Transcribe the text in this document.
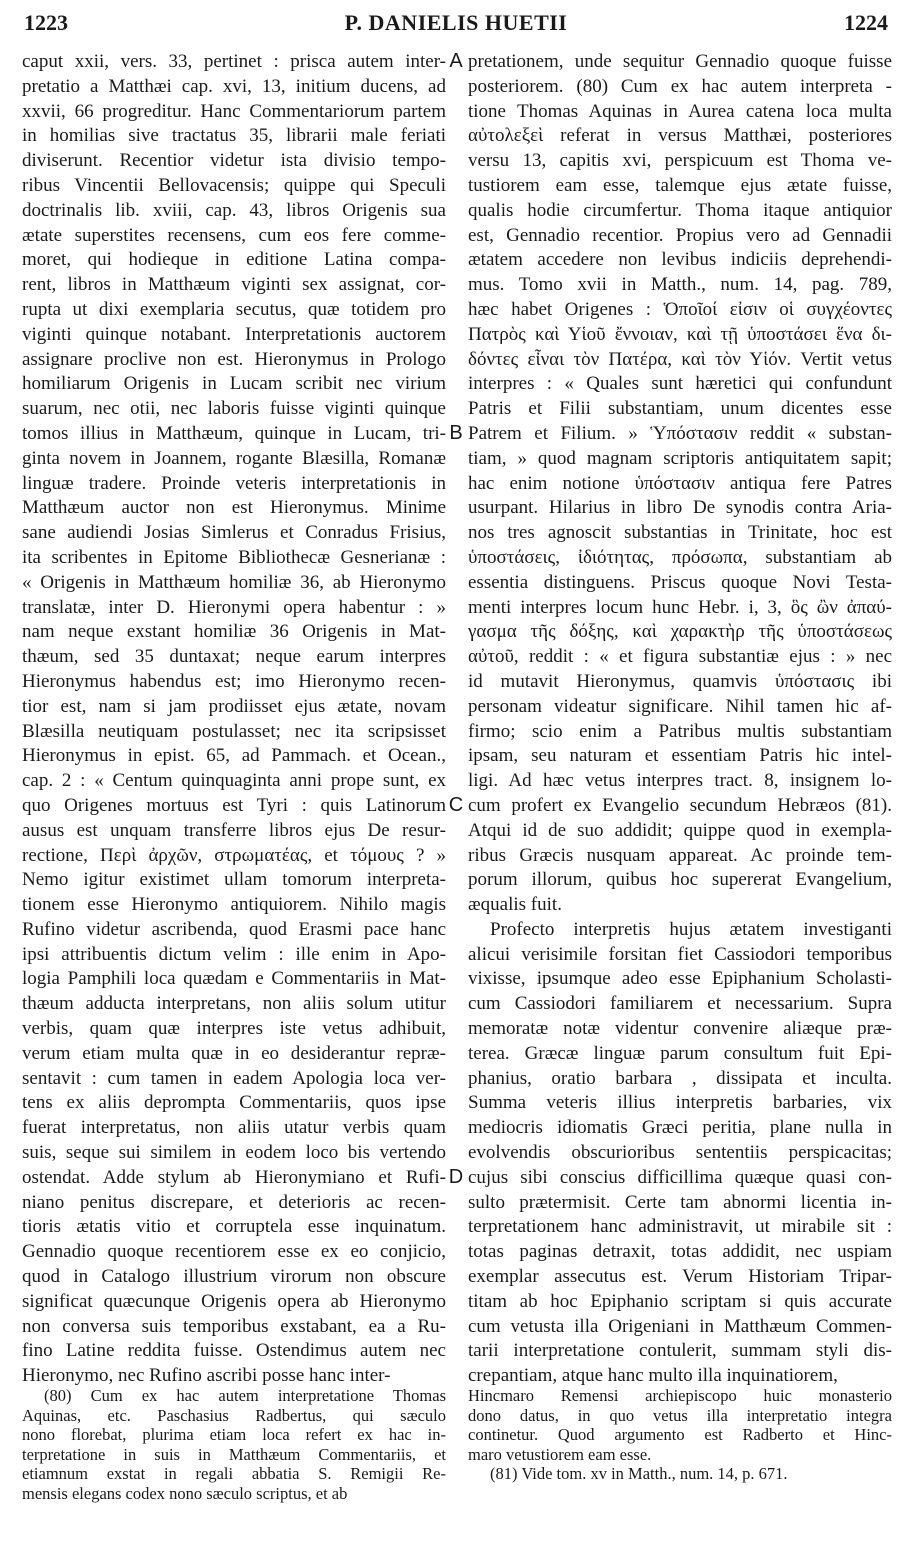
1223	P. DANIELIS HUETII	1224
caput xxii, vers. 33, pertinet : prisca autem inter-
pretatio a Matthæi cap. xvi, 13, initium ducens, ad
xxvii, 66 progreditur. Hanc Commentariorum partem
in homilias sive tractatus 35, librarii male feriati
diviserunt. Recentior videtur ista divisio tempo-
ribus Vincentii Bellovacensis; quippe qui Speculi
doctrinalis lib. xviii, cap. 43, libros Origenis sua
ætate superstites recensens, cum eos fere comme-
moret, qui hodieque in editione Latina compa-
rent, libros in Matthæum viginti sex assignat, cor-
rupta ut dixi exemplaria secutus, quæ totidem pro
viginti quinque notabant. Interpretationis auctorem
assignare proclive non est. Hieronymus in Prologo
homiliarum Origenis in Lucam scribit nec virium
suarum, nec otii, nec laboris fuisse viginti quinque
tomos illius in Matthæum, quinque in Lucam, tri-
ginta novem in Joannem, rogante Blæsilla, Romanæ
linguæ tradere. Proinde veteris interpretationis in
Matthæum auctor non est Hieronymus. Minime
sane audiendi Josias Simlerus et Conradus Frisius,
ita scribentes in Epitome Bibliothecæ Gesnerianæ :
« Origenis in Matthæum homiliæ 36, ab Hieronymo
translatæ, inter D. Hieronymi opera habentur : »
nam neque exstant homiliæ 36 Origenis in Mat-
thæum, sed 35 duntaxat; neque earum interpres
Hieronymus habendus est; imo Hieronymo recen-
tior est, nam si jam prodiisset ejus ætate, novam
Blæsilla neutiquam postulasset; nec ita scripsisset
Hieronymus in epist. 65, ad Pammach. et Ocean.,
cap. 2 : « Centum quinquaginta anni prope sunt, ex
quo Origenes mortuus est Tyri : quis Latinorum
ausus est unquam transferre libros ejus De resur-
rectione, Περὶ ἀρχῶν, στρωματέας, et τόμους ? »
Nemo igitur existimet ullam tomorum interpreta-
tionem esse Hieronymo antiquiorem. Nihilo magis
Rufino videtur ascribenda, quod Erasmi pace hanc
ipsi attribuentis dictum velim : ille enim in Apo-
logia Pamphili loca quædam e Commentariis in Mat-
thæum adducta interpretans, non aliis solum utitur
verbis, quam quæ interpres iste vetus adhibuit,
verum etiam multa quæ in eo desiderantur repræ-
sentavit : cum tamen in eadem Apologia loca ver-
tens ex aliis deprompta Commentariis, quos ipse
fuerat interpretatus, non aliis utatur verbis quam
suis, seque sui similem in eodem loco bis vertendo
ostendat. Adde stylum ab Hieronymiano et Rufi-
niano penitus discrepare, et deterioris ac recen-
tioris ætatis vitio et corruptela esse inquinatum.
Gennadio quoque recentiorem esse ex eo conjicio,
quod in Catalogo illustrium virorum non obscure
significat quæcunque Origenis opera ab Hieronymo
non conversa suis temporibus exstabant, ea a Ru-
fino Latine reddita fuisse. Ostendimus autem nec
Hieronymo, nec Rufino ascribi posse hanc inter-
pretationem, unde sequitur Gennadio quoque fuisse
posteriorem. (80) Cum ex hac autem interpreta -
tione Thomas Aquinas in Aurea catena loca multa
αὐτολεξεὶ referat in versus Matthæi, posteriores
versu 13, capitis xvi, perspicuum est Thoma ve-
tustiorem eam esse, talemque ejus ætate fuisse,
qualis hodie circumfertur. Thoma itaque antiquior
est, Gennadio recentior. Propius vero ad Gennadii
ætatem accedere non levibus indiciis deprehendi-
mus. Tomo xvii in Matth., num. 14, pag. 789,
hæc habet Origenes : Ὁποῖοί εἰσιν οἱ συγχέοντες
Πατρὸς καὶ Υἱοῦ ἔννοιαν, καὶ τῇ ὑποστάσει ἕνα δι-
δόντες εἶναι τὸν Πατέρα, καὶ τὸν Υἱόν. Vertit vetus
interpres : « Quales sunt hæretici qui confundunt
Patris et Filii substantiam, unum dicentes esse
Patrem et Filium. » Ὑπόστασιν reddit « substan-
tiam, » quod magnam scriptoris antiquitatem sapit;
hac enim notione ὑπόστασιν antiqua fere Patres
usurpant. Hilarius in libro De synodis contra Aria-
nos tres agnoscit substantias in Trinitate, hoc est
ὑποστάσεις, ἰδιότητας, πρόσωπα, substantiam ab
essentia distinguens. Priscus quoque Novi Testa-
menti interpres locum hunc Hebr. i, 3, ὃς ὢν ἀπαύ-
γασμα τῆς δόξης, καὶ χαρακτὴρ τῆς ὑποστάσεως
αὐτοῦ, reddit : « et figura substantiæ ejus : » nec
id mutavit Hieronymus, quamvis ὑπόστασις ibi
personam videatur significare. Nihil tamen hic af-
firmo; scio enim a Patribus multis substantiam
ipsam, seu naturam et essentiam Patris hic intel-
ligi. Ad hæc vetus interpres tract. 8, insignem lo-
cum profert ex Evangelio secundum Hebræos (81).
Atqui id de suo addidit; quippe quod in exempla-
ribus Græcis nusquam appareat. Ac proinde tem-
porum illorum, quibus hoc supererat Evangelium,
æqualis fuit.
Profecto interpretis hujus ætatem investiganti
alicui verisimile forsitan fiet Cassiodori temporibus
vixisse, ipsumque adeo esse Epiphanium Scholasti-
cum Cassiodori familiarem et necessarium. Supra
memoratæ notæ videntur convenire aliæque præ-
terea. Græcæ linguæ parum consultum fuit Epi-
phanius, oratio barbara , dissipata et inculta.
Summa veteris illius interpretis barbaries, vix
mediocris idiomatis Græci peritia, plane nulla in
evolvendis obscurioribus sententiis perspicacitas;
cujus sibi conscius difficillima quæque quasi con-
sulto prætermisit. Certe tam abnormi licentia in-
terpretationem hanc administravit, ut mirabile sit :
totas paginas detraxit, totas addidit, nec uspiam
exemplar assecutus est. Verum Historiam Tripar-
titam ab hoc Epiphanio scriptam si quis accurate
cum vetusta illa Origeniani in Matthæum Commen-
tarii interpretatione contulerit, summam styli dis-
crepantiam, atque hanc multo illa inquinatiorem,
A
B
C
D
(80) Cum ex hac autem interpretatione Thomas
Aquinas, etc. Paschasius Radbertus, qui sæculo
nono florebat, plurima etiam loca refert ex hac in-
terpretatione in suis in Matthæum Commentariis, et
etiamnum exstat in regali abbatia S. Remigii Re-
mensis elegans codex nono sæculo scriptus, et ab
Hincmaro Remensi archiepiscopo huic monasterio
dono datus, in quo vetus illa interpretatio integra
continetur. Quod argumento est Radberto et Hinc-
maro vetustiorem eam esse.
(81) Vide tom. xv in Matth., num. 14, p. 671.
